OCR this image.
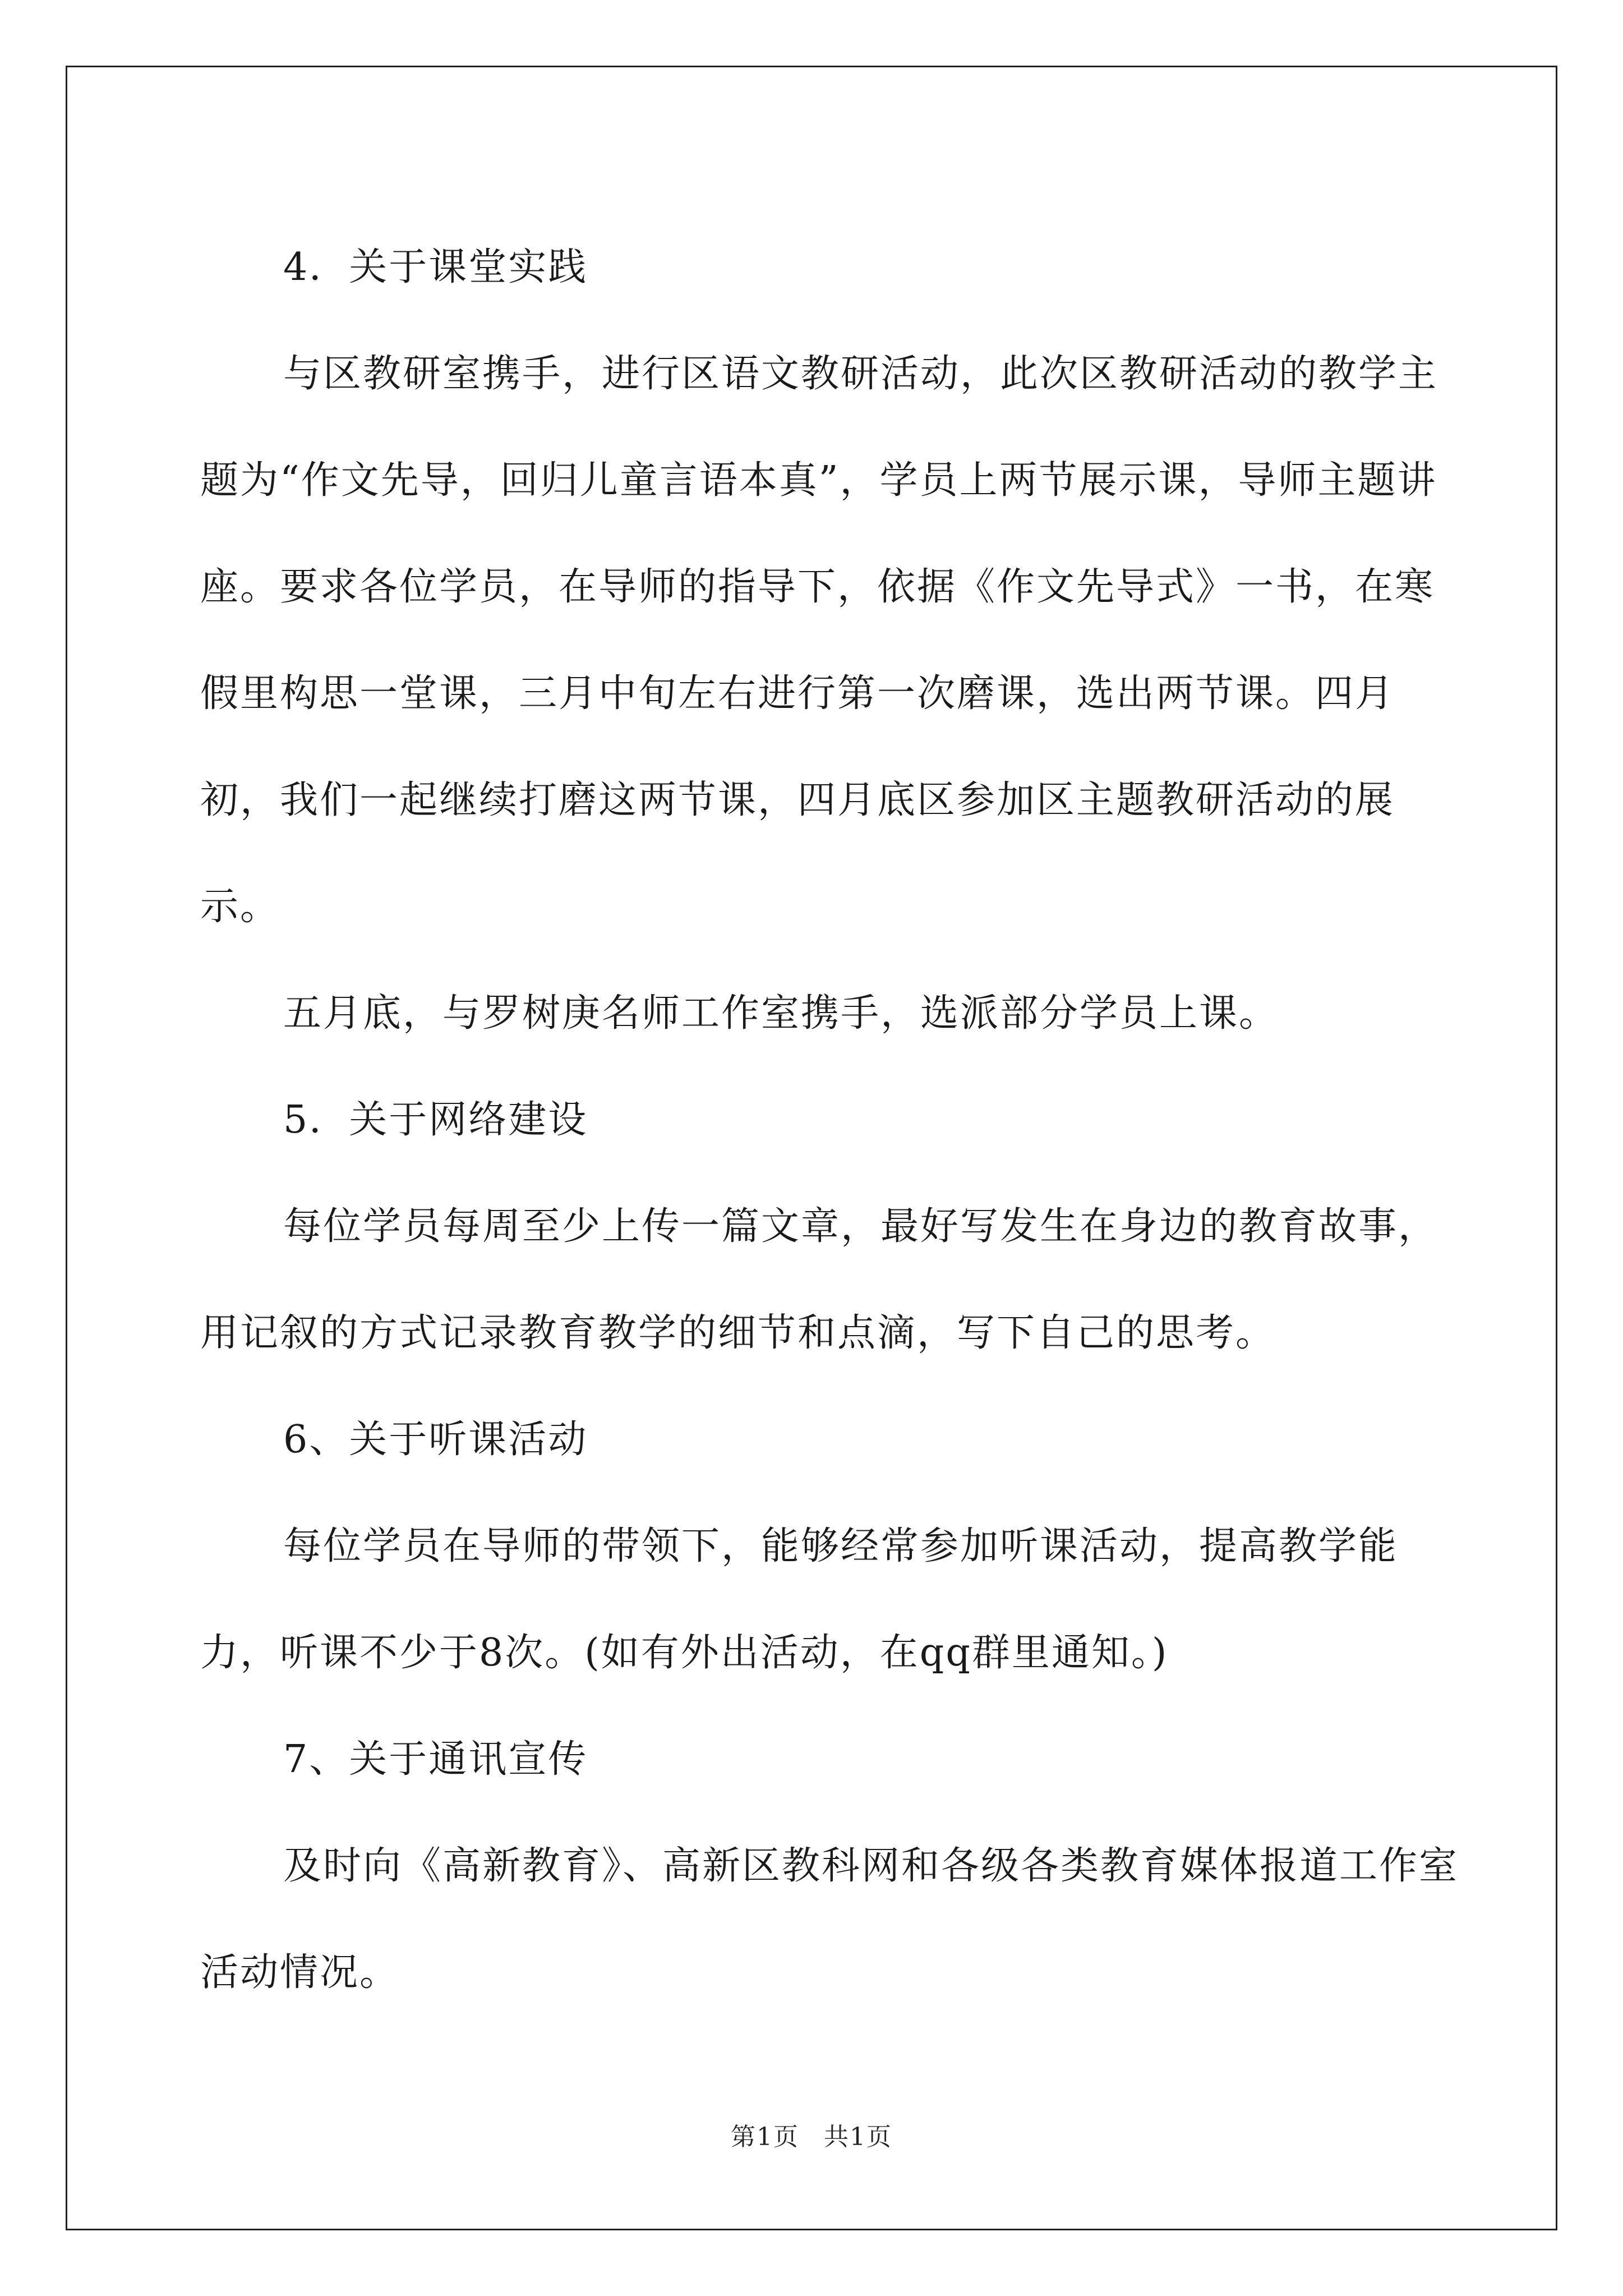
4．关于课堂实践

与区教研室携手，进行区语文教研活动，此次区教研活动的教学主题为“作文先导，回归儿童言语本真”，学员上两节展示课，导师主题讲座。要求各位学员，在导师的指导下，依据《作文先导式》一书，在寒假里构思一堂课，三月中旬左右进行第一次磨课，选出两节课。四月初，我们一起继续打磨这两节课，四月底区参加区主题教研活动的展示。

五月底，与罗树庚名师工作室携手，选派部分学员上课。

5．关于网络建设

每位学员每周至少上传一篇文章，最好写发生在身边的教育故事，用记叙的方式记录教育教学的细节和点滴，写下自己的思考。

6、关于听课活动

每位学员在导师的带领下，能够经常参加听课活动，提高教学能力，听课不少于8次。(如有外出活动，在qq群里通知。)

7、关于通讯宣传

及时向《高新教育》、高新区教科网和各级各类教育媒体报道工作室活动情况。

第1页 共1页
